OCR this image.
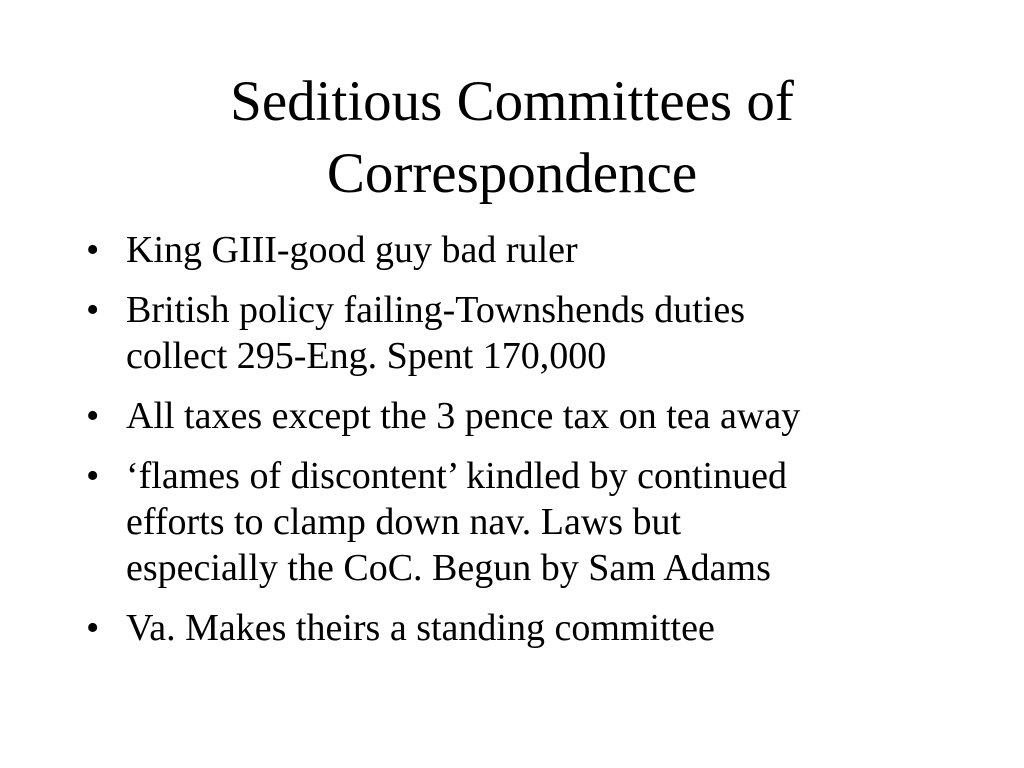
Seditious Committees of
Correspondence
• King GIII-good guy bad ruler
• British policy failing-Townshends duties
collect 295-Eng. Spent 170,000
• All taxes except the 3 pence tax on tea away
• ‘flames of discontent’ kindled by continued
efforts to clamp down nav. Laws but
especially the CoC. Begun by Sam Adams
• Va. Makes theirs a standing committee
